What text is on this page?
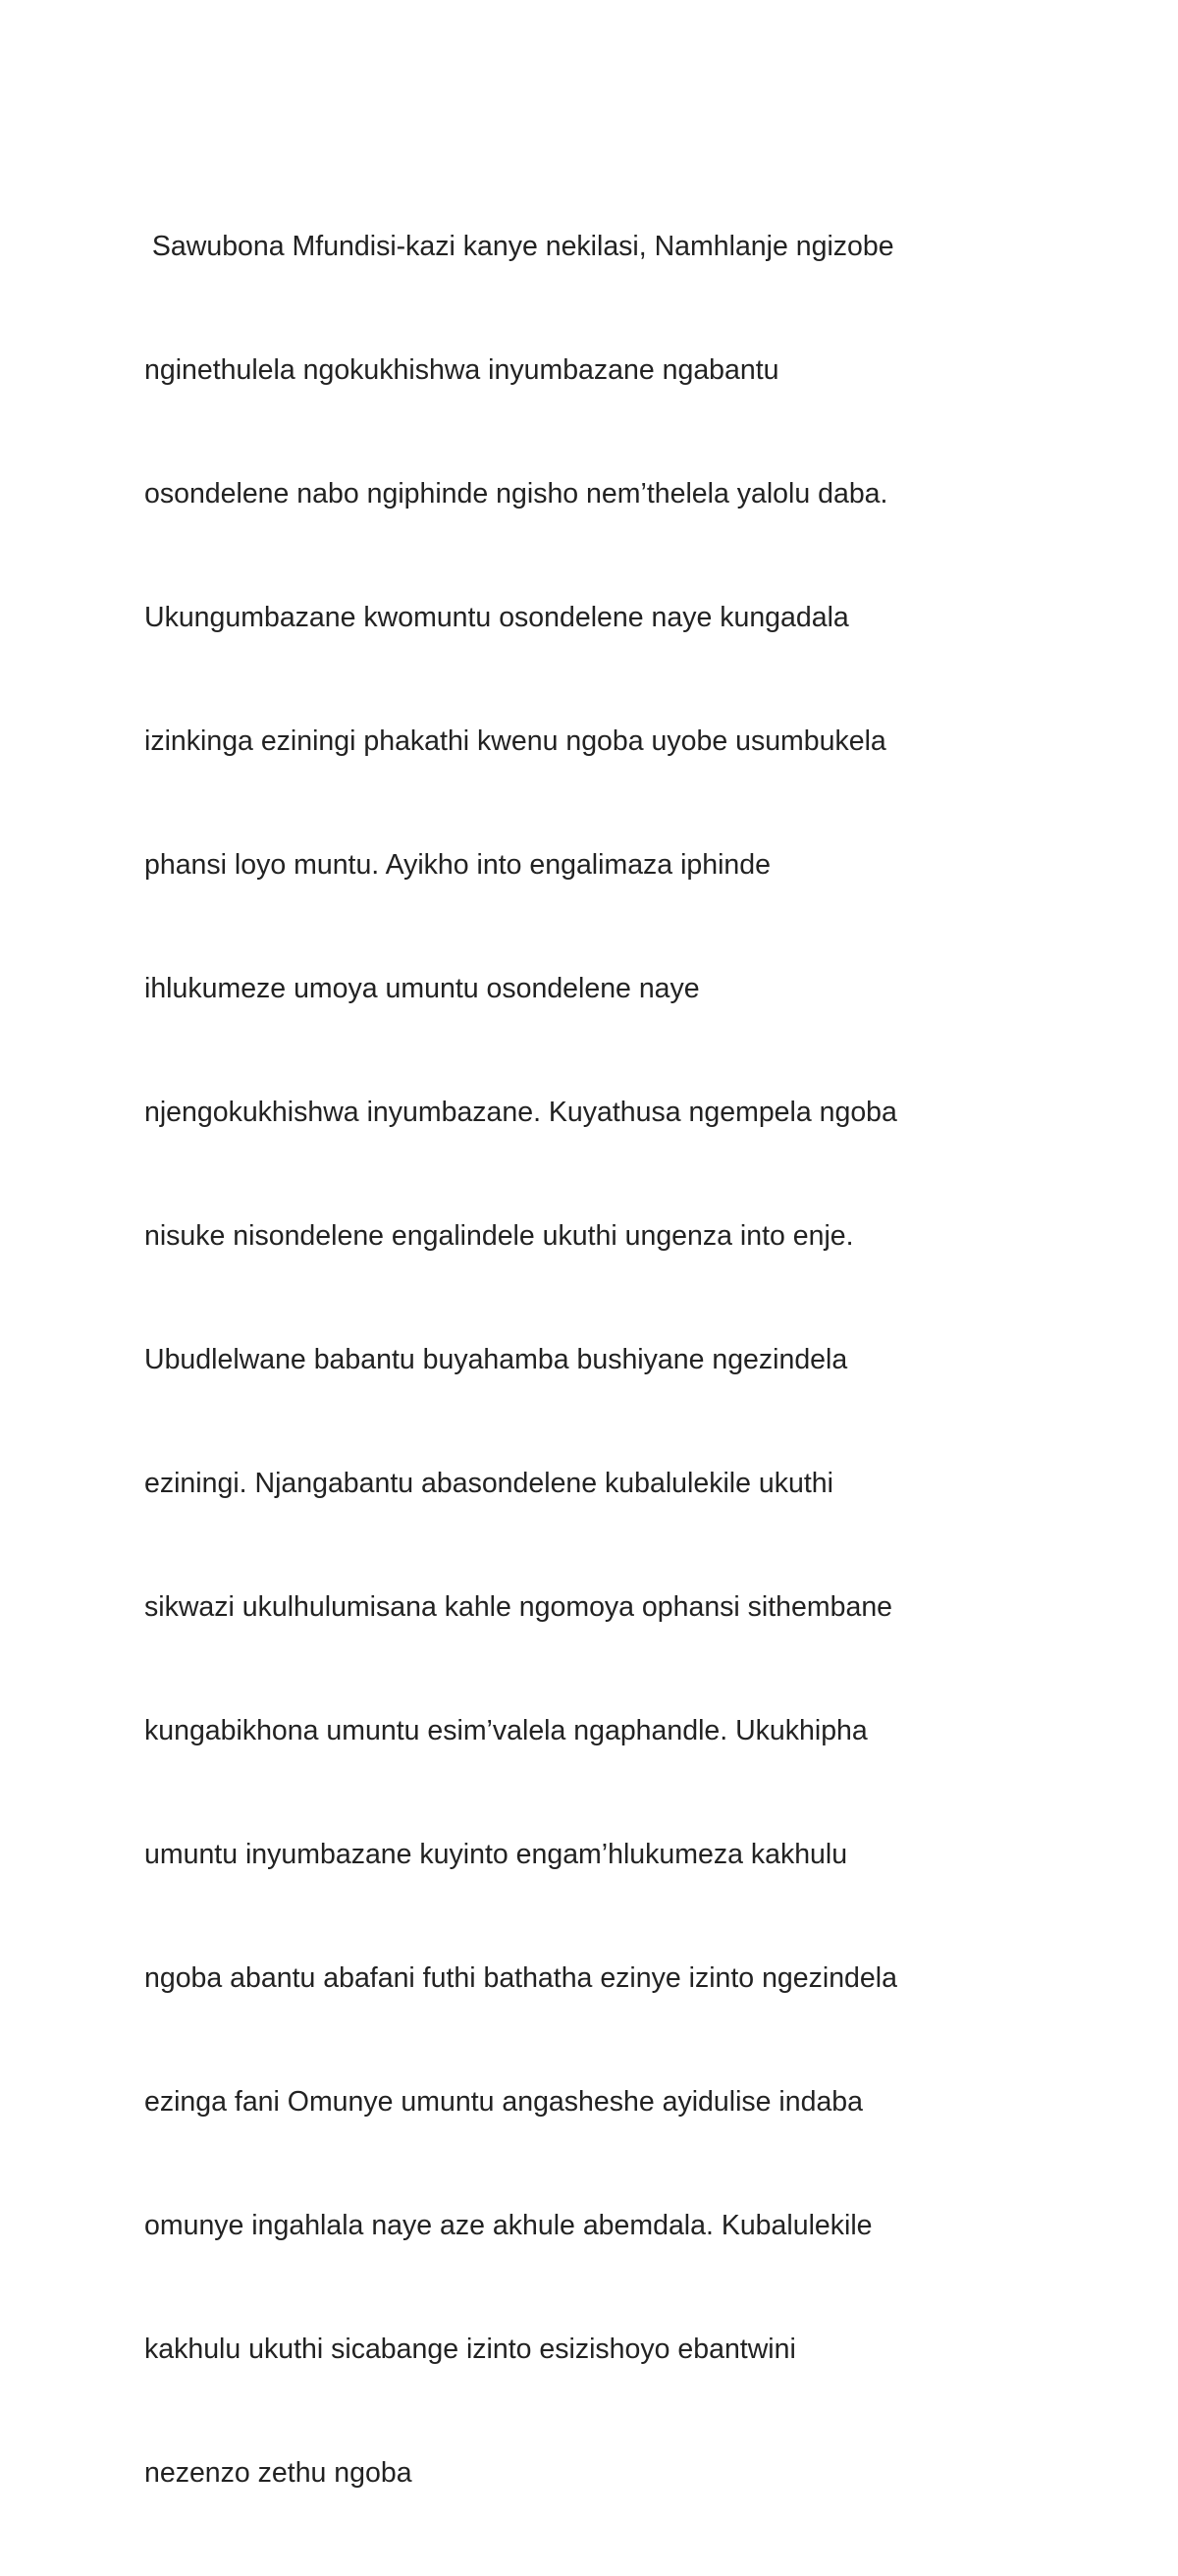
Sawubona Mfundisi-kazi kanye nekilasi, Namhlanje ngizobe

nginethulela ngokukhishwa inyumbazane ngabantu

osondelene nabo ngiphinde ngisho nem’thelela yalolu daba.

Ukungumbazane kwomuntu osondelene naye kungadala

izinkinga eziningi phakathi kwenu ngoba uyobe usumbukela

phansi loyo muntu. Ayikho into engalimaza iphinde

ihlukumeze umoya umuntu osondelene naye

njengokukhishwa inyumbazane. Kuyathusa ngempela ngoba

nisuke nisondelene engalindele ukuthi ungenza into enje.

Ubudlelwane babantu buyahamba bushiyane ngezindela

eziningi. Njangabantu abasondelene kubalulekile ukuthi

sikwazi ukulhulumisana kahle ngomoya ophansi sithembane

kungabikhona umuntu esim’valela ngaphandle. Ukukhipha

umuntu inyumbazane kuyinto engam’hlukumeza kakhulu

ngoba abantu abafani futhi bathatha ezinye izinto ngezindela

ezinga fani Omunye umuntu angasheshe ayidulise indaba

omunye ingahlala naye aze akhule abemdala. Kubalulekile

kakhulu ukuthi sicabange izinto esizishoyo ebantwini

nezenzo zethu ngoba
